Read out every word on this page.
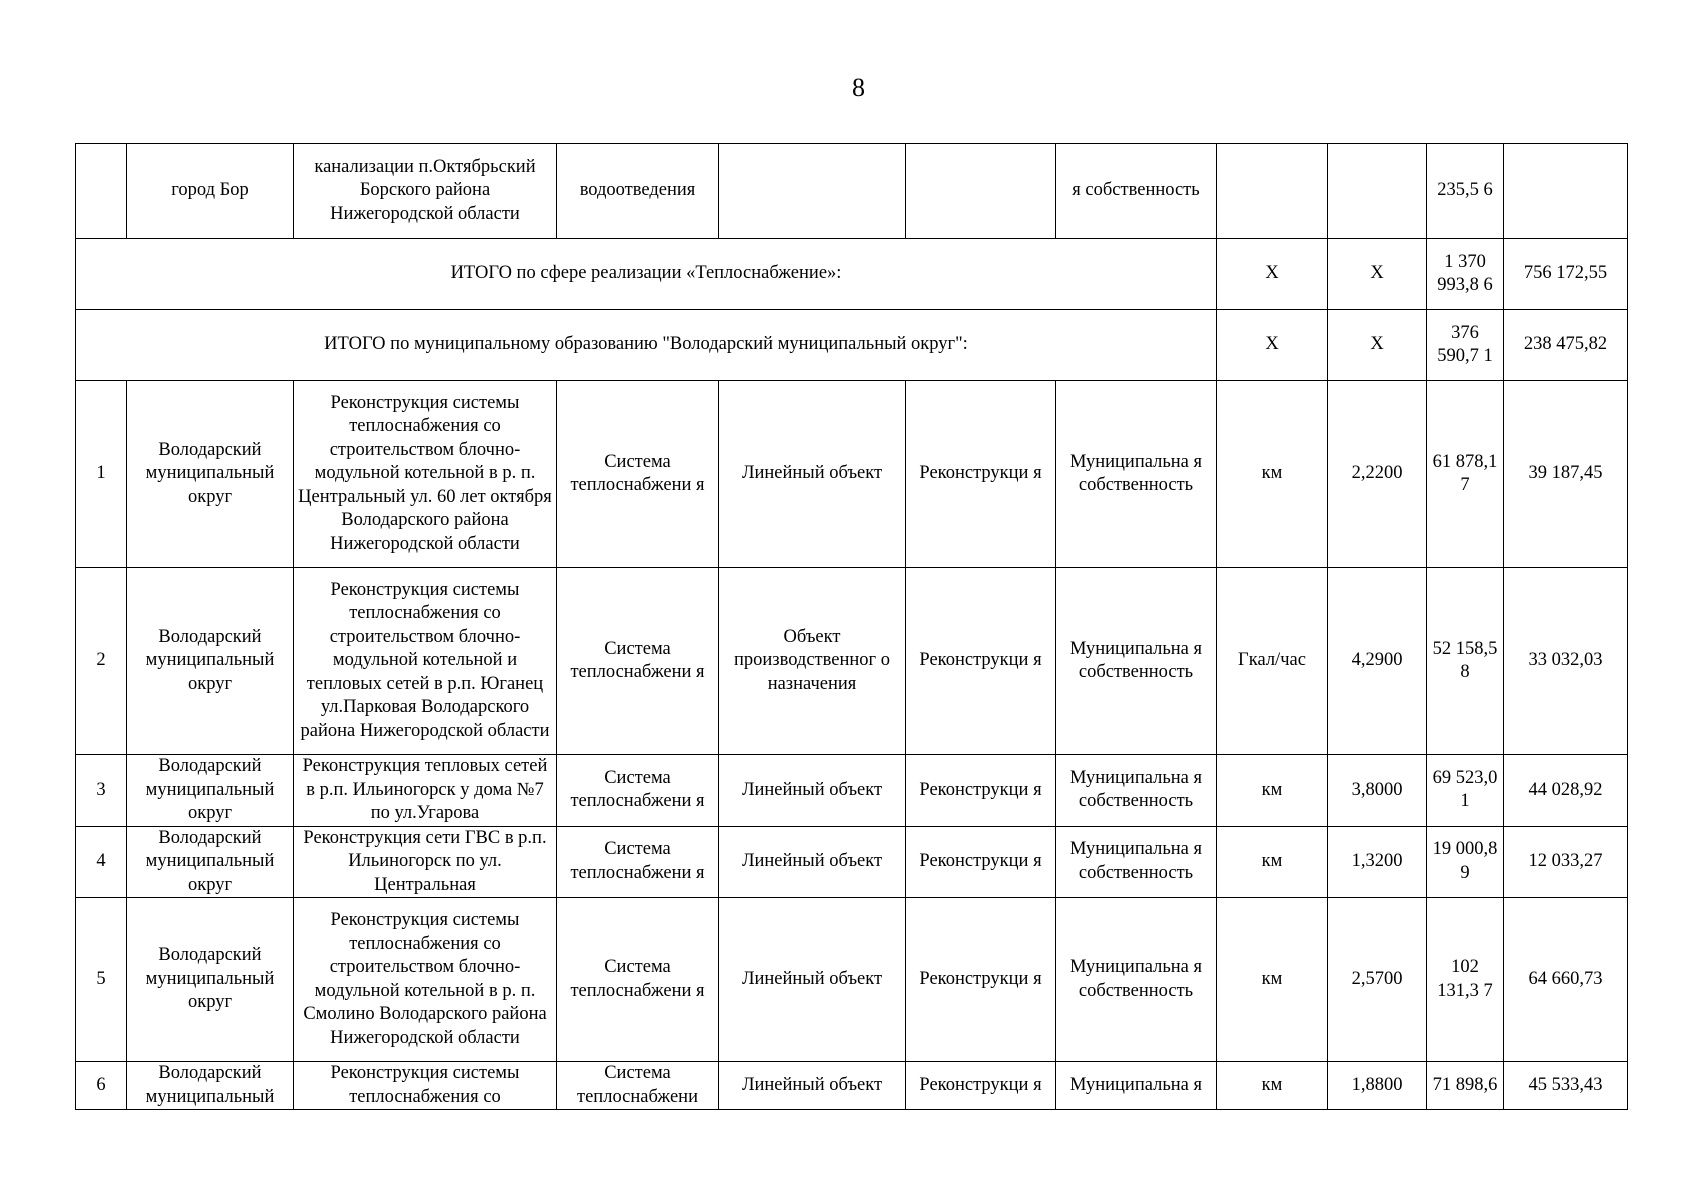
8
	город Бор	канализации п.Октябрьский Борского района Нижегородской области	водоотведения			я собственность			235,5 6	
ИТОГО по сфере реализации «Теплоснабжение»:							X	X	1 370 993,8 6	756 172,55
ИТОГО по муниципальному образованию "Володарский муниципальный округ":							X	X	376 590,7 1	238 475,82
1	Володарский муниципальный округ	Реконструкция системы теплоснабжения со строительством блочно-модульной котельной в р. п. Центральный ул. 60 лет октября Володарского района Нижегородской области	Система теплоснабжени я	Линейный объект	Реконструкци я	Муниципальна я собственность	км	2,2200	61 878,1 7	39 187,45
2	Володарский муниципальный округ	Реконструкция системы теплоснабжения со строительством блочно-модульной котельной и тепловых сетей в р.п. Юганец ул.Парковая Володарского района Нижегородской области	Система теплоснабжени я	Объект производственног о назначения	Реконструкци я	Муниципальна я собственность	Гкал/час	4,2900	52 158,5 8	33 032,03
3	Володарский муниципальный округ	Реконструкция тепловых сетей в р.п. Ильиногорск у дома №7 по ул.Угарова	Система теплоснабжени я	Линейный объект	Реконструкци я	Муниципальна я собственность	км	3,8000	69 523,0 1	44 028,92
4	Володарский муниципальный округ	Реконструкция сети ГВС в р.п. Ильиногорск по ул. Центральная	Система теплоснабжени я	Линейный объект	Реконструкци я	Муниципальна я собственность	км	1,3200	19 000,8 9	12 033,27
5	Володарский муниципальный округ	Реконструкция системы теплоснабжения со строительством блочно-модульной котельной в р. п. Смолино Володарского района Нижегородской области	Система теплоснабжени я	Линейный объект	Реконструкци я	Муниципальна я собственность	км	2,5700	102 131,3 7	64 660,73
6	Володарский муниципальный	Реконструкция системы теплоснабжения со	Система теплоснабжени	Линейный объект	Реконструкци я	Муниципальна я	км	1,8800	71 898,6	45 533,43
